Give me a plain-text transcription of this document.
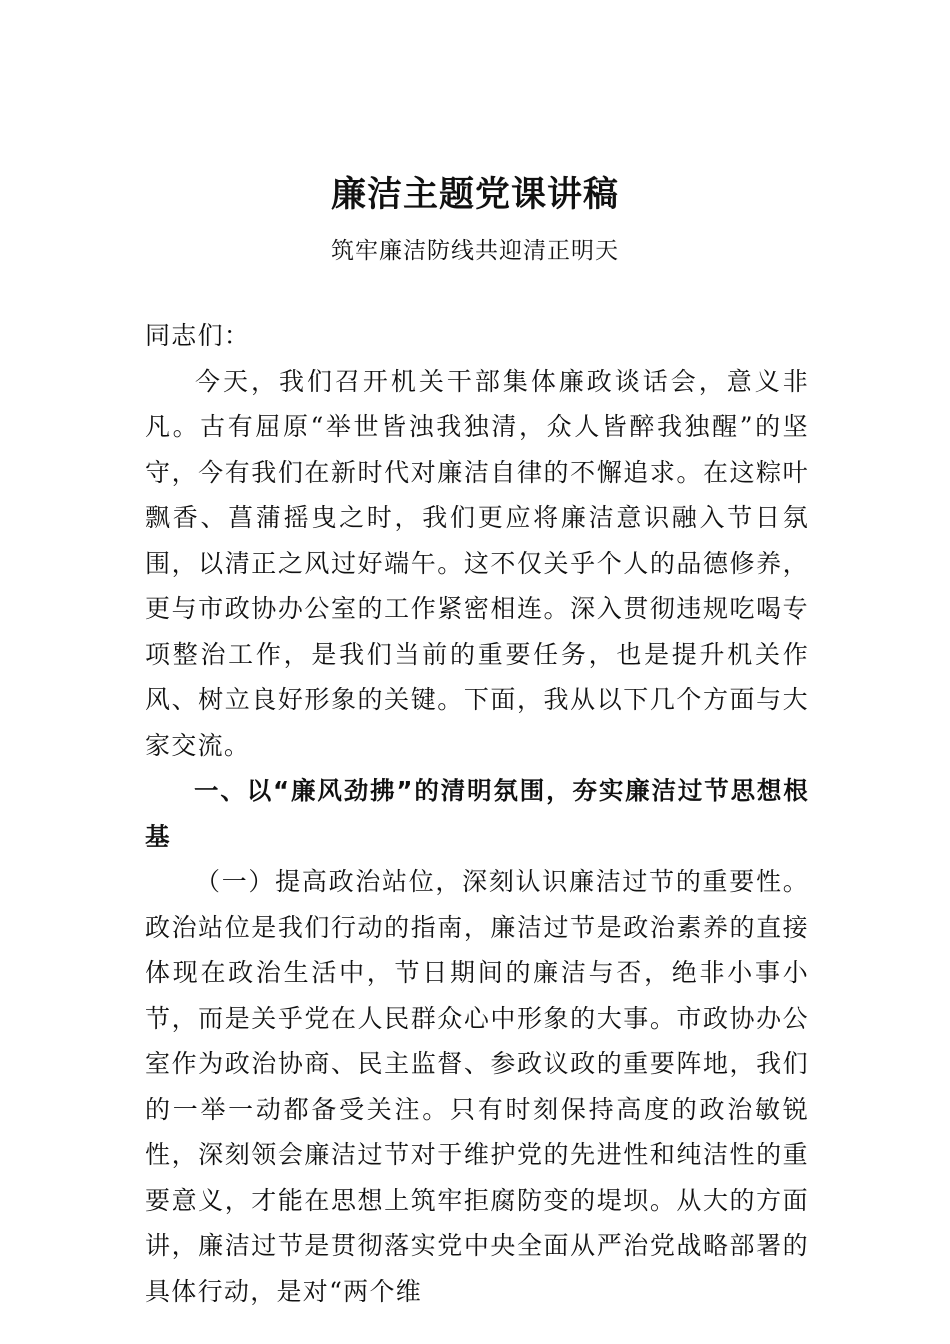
廉洁主题党课讲稿
筑牢廉洁防线共迎清正明天

同志们：

今天，我们召开机关干部集体廉政谈话会，意义非凡。古有屈原“举世皆浊我独清，众人皆醉我独醒”的坚守，今有我们在新时代对廉洁自律的不懈追求。在这粽叶飘香、菖蒲摇曳之时，我们更应将廉洁意识融入节日氛围，以清正之风过好端午。这不仅关乎个人的品德修养，更与市政协办公室的工作紧密相连。深入贯彻违规吃喝专项整治工作，是我们当前的重要任务，也是提升机关作风、树立良好形象的关键。下面，我从以下几个方面与大家交流。

一、以“廉风劲拂”的清明氛围，夯实廉洁过节思想根基

（一）提高政治站位，深刻认识廉洁过节的重要性。政治站位是我们行动的指南，廉洁过节是政治素养的直接体现在政治生活中，节日期间的廉洁与否，绝非小事小节，而是关乎党在人民群众心中形象的大事。市政协办公室作为政治协商、民主监督、参政议政的重要阵地，我们的一举一动都备受关注。只有时刻保持高度的政治敏锐性，深刻领会廉洁过节对于维护党的先进性和纯洁性的重要意义，才能在思想上筑牢拒腐防变的堤坝。从大的方面讲，廉洁过节是贯彻落实党中央全面从严治党战略部署的具体行动，是对“两个维
